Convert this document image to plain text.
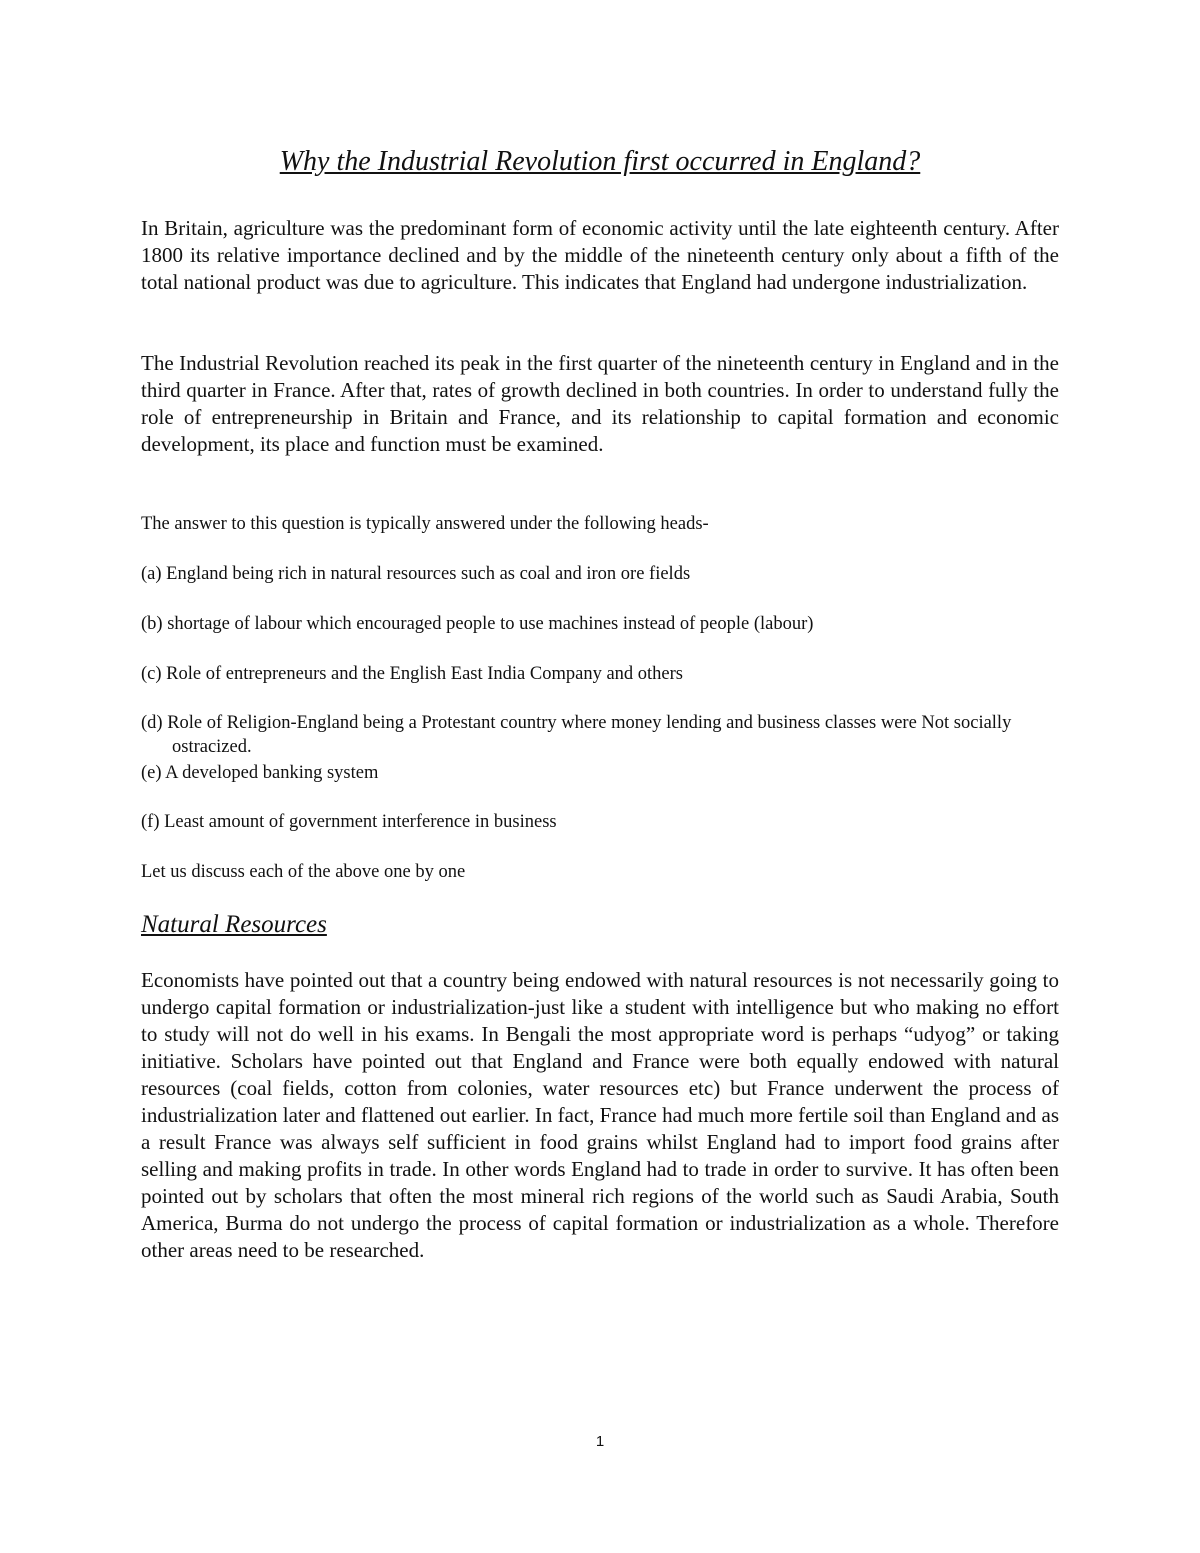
Why the Industrial Revolution first occurred in England?

In Britain, agriculture was the predominant form of economic activity until the late eighteenth century. After 1800 its relative importance declined and by the middle of the nineteenth century only about a fifth of the total national product was due to agriculture. This indicates that England had undergone industrialization.

The Industrial Revolution reached its peak in the first quarter of the nineteenth century in England and in the third quarter in France. After that, rates of growth declined in both countries. In order to understand fully the role of entrepreneurship in Britain and France, and its relationship to capital formation and economic development, its place and function must be examined.

The answer to this question is typically answered under the following heads-

(a) England being rich in natural resources such as coal and iron ore fields

(b) shortage of labour which encouraged people to use machines instead of people (labour)

(c) Role of entrepreneurs and the English East India Company and others

(d) Role of Religion-England being a Protestant country where money lending and business classes were Not socially ostracized.

(e) A developed banking system

(f) Least amount of government interference in business

Let us discuss each of the above one by one

Natural Resources

Economists have pointed out that a country being endowed with natural resources is not necessarily going to undergo capital formation or industrialization-just like a student with intelligence but who making no effort to study will not do well in his exams. In Bengali the most appropriate word is perhaps “udyog” or taking initiative. Scholars have pointed out that England and France were both equally endowed with natural resources (coal fields, cotton from colonies, water resources etc) but France underwent the process of industrialization later and flattened out earlier. In fact, France had much more fertile soil than England and as a result France was always self sufficient in food grains whilst England had to import food grains after selling and making profits in trade. In other words England had to trade in order to survive. It has often been pointed out by scholars that often the most mineral rich regions of the world such as Saudi Arabia, South America, Burma do not undergo the process of capital formation or industrialization as a whole. Therefore other areas need to be researched.

1
